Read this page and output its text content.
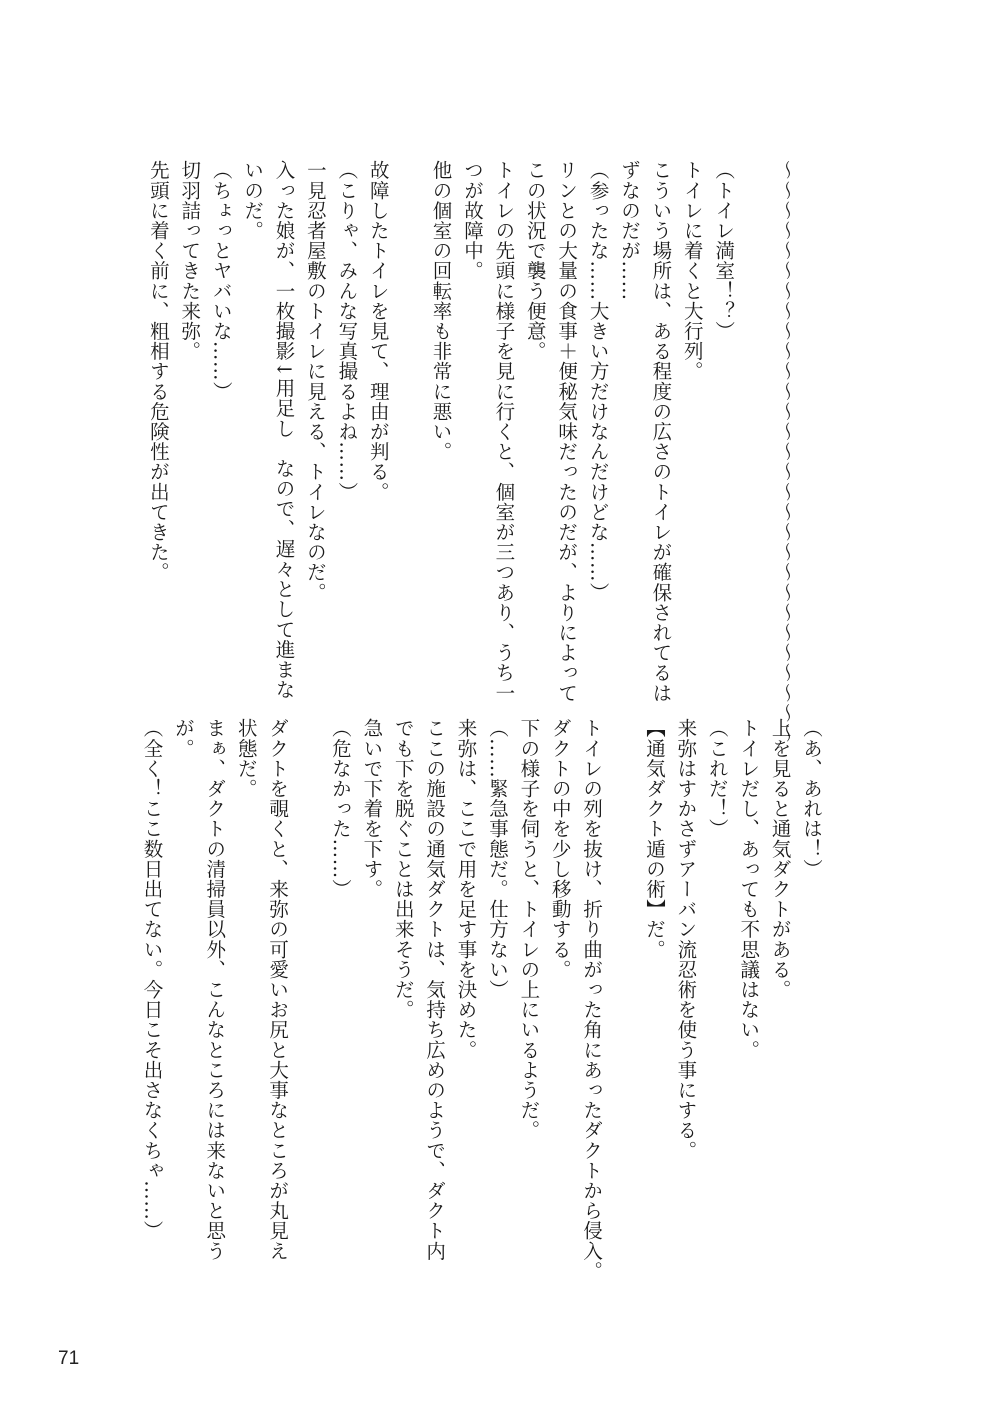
〜〜〜〜〜〜〜〜〜〜〜〜〜〜〜〜〜〜〜〜〜〜〜〜〜〜〜〜〜
（トイレ満室！？）
トイレに着くと大行列。
こういう場所は、ある程度の広さのトイレが確保されてるは
ずなのだが……
（参ったな……大きい方だけなんだけどな……）
リンとの大量の食事＋便秘気味だったのだが、よりによって
この状況で襲う便意。
トイレの先頭に様子を見に行くと、個室が三つあり、うち一
つが故障中。
他の個室の回転率も非常に悪い。
故障したトイレを見て、理由が判る。
（こりゃ、みんな写真撮るよね……）
一見忍者屋敷のトイレに見える、トイレなのだ。
入った娘が、一枚撮影↓用足し　なので、遅々として進まな
いのだ。
（ちょっとヤバいな……）
切羽詰ってきた来弥。
先頭に着く前に、粗相する危険性が出てきた。
（あ、あれは！）
上を見ると通気ダクトがある。
トイレだし、あっても不思議はない。
（これだ！）
来弥はすかさずアーバン流忍術を使う事にする。
【通気ダクト遁の術】だ。
トイレの列を抜け、折り曲がった角にあったダクトから侵入。
ダクトの中を少し移動する。
下の様子を伺うと、トイレの上にいるようだ。
（……緊急事態だ。仕方ない）
来弥は、ここで用を足す事を決めた。
ここの施設の通気ダクトは、気持ち広めのようで、ダクト内
でも下を脱ぐことは出来そうだ。
急いで下着を下す。
（危なかった……）
ダクトを覗くと、来弥の可愛いお尻と大事なところが丸見え
状態だ。
まぁ、ダクトの清掃員以外、こんなところには来ないと思う
が。
（全く！ここ数日出てない。今日こそ出さなくちゃ……）
71
